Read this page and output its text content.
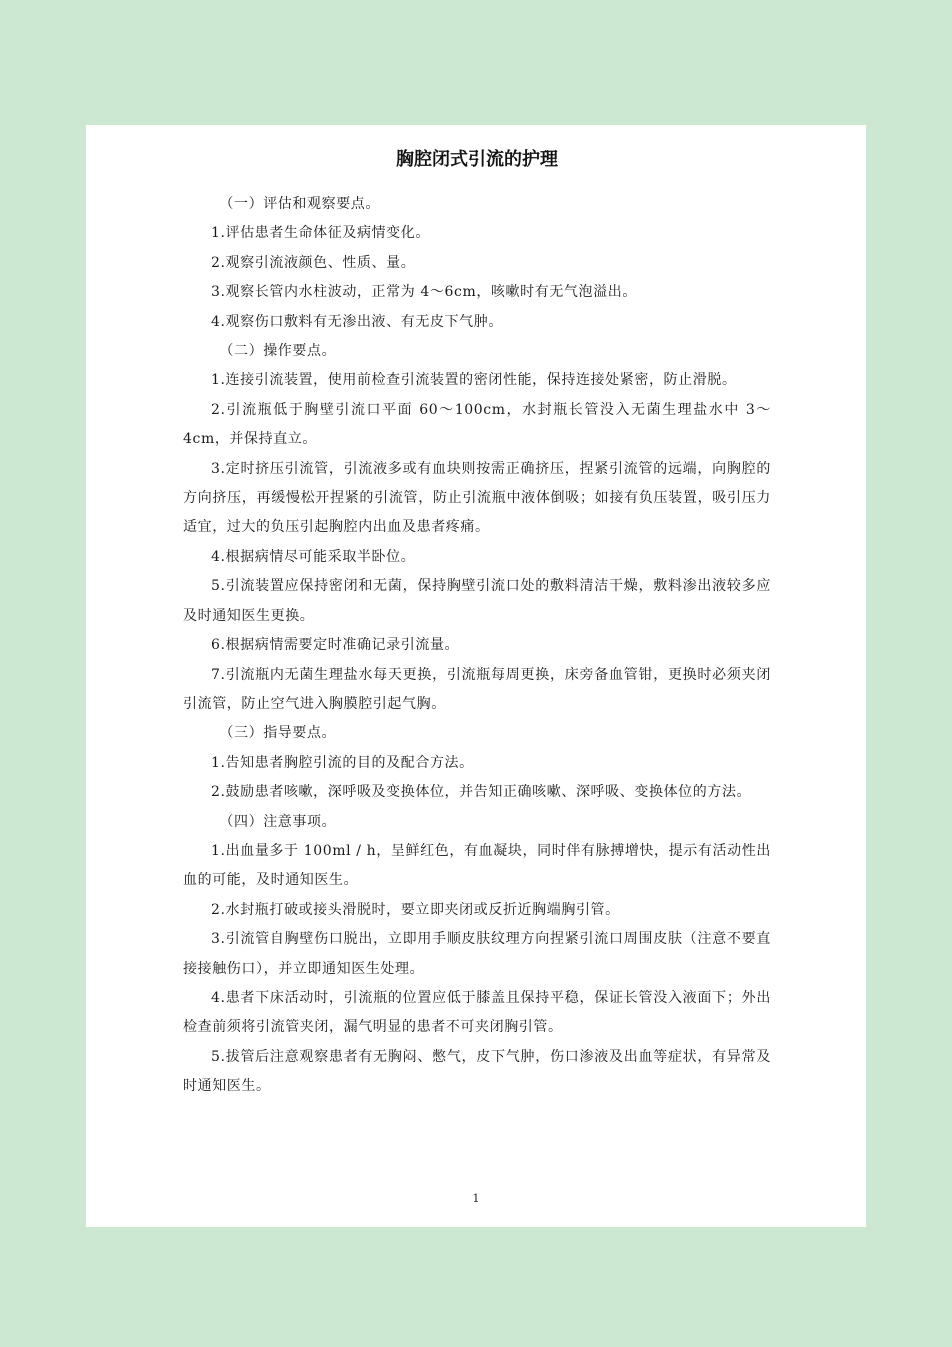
胸腔闭式引流的护理

（一）评估和观察要点。

1.评估患者生命体征及病情变化。

2.观察引流液颜色、性质、量。

3.观察长管内水柱波动，正常为 4～6cm，咳嗽时有无气泡溢出。

4.观察伤口敷料有无渗出液、有无皮下气肿。

（二）操作要点。

1.连接引流装置，使用前检查引流装置的密闭性能，保持连接处紧密，防止滑脱。

2.引流瓶低于胸壁引流口平面 60～100cm，水封瓶长管没入无菌生理盐水中 3～4cm，并保持直立。

3.定时挤压引流管，引流液多或有血块则按需正确挤压，捏紧引流管的远端，向胸腔的方向挤压，再缓慢松开捏紧的引流管，防止引流瓶中液体倒吸；如接有负压装置，吸引压力适宜，过大的负压引起胸腔内出血及患者疼痛。

4.根据病情尽可能采取半卧位。

5.引流装置应保持密闭和无菌，保持胸壁引流口处的敷料清洁干燥，敷料渗出液较多应及时通知医生更换。

6.根据病情需要定时准确记录引流量。

7.引流瓶内无菌生理盐水每天更换，引流瓶每周更换，床旁备血管钳，更换时必须夹闭引流管，防止空气进入胸膜腔引起气胸。

（三）指导要点。

1.告知患者胸腔引流的目的及配合方法。

2.鼓励患者咳嗽，深呼吸及变换体位，并告知正确咳嗽、深呼吸、变换体位的方法。

（四）注意事项。

1.出血量多于 100ml / h，呈鲜红色，有血凝块，同时伴有脉搏增快，提示有活动性出血的可能，及时通知医生。

2.水封瓶打破或接头滑脱时，要立即夹闭或反折近胸端胸引管。

3.引流管自胸壁伤口脱出，立即用手顺皮肤纹理方向捏紧引流口周围皮肤（注意不要直接接触伤口），并立即通知医生处理。

4.患者下床活动时，引流瓶的位置应低于膝盖且保持平稳，保证长管没入液面下；外出检查前须将引流管夹闭，漏气明显的患者不可夹闭胸引管。

5.拔管后注意观察患者有无胸闷、憋气，皮下气肿，伤口渗液及出血等症状，有异常及时通知医生。

1
